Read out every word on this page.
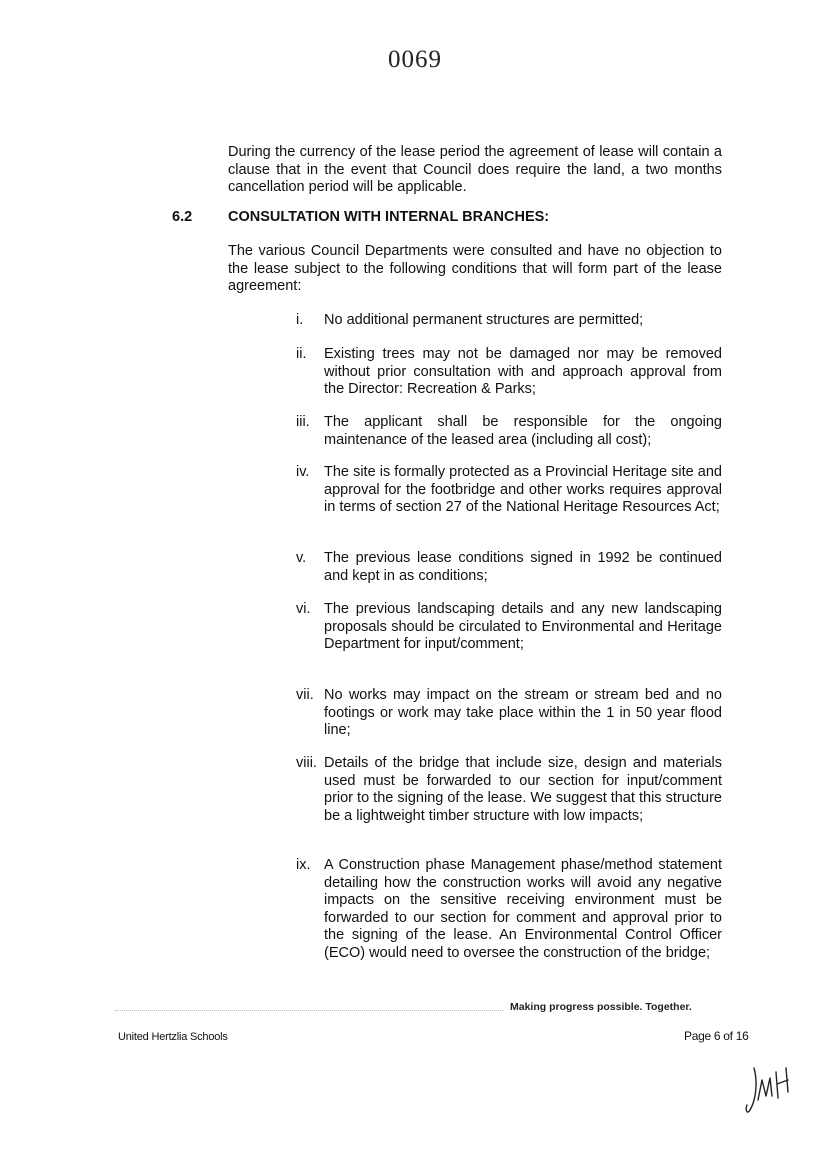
0069

During the currency of the lease period the agreement of lease will contain a clause that in the event that Council does require the land, a two months cancellation period will be applicable.

6.2 CONSULTATION WITH INTERNAL BRANCHES:

The various Council Departments were consulted and have no objection to the lease subject to the following conditions that will form part of the lease agreement:

i.	No additional permanent structures are permitted;
ii.	Existing trees may not be damaged nor may be removed without prior consultation with and approach approval from the Director: Recreation & Parks;
iii. The applicant shall be responsible for the ongoing maintenance of the leased area (including all cost);
iv.	The site is formally protected as a Provincial Heritage site and approval for the footbridge and other works requires approval in terms of section 27 of the National Heritage Resources Act;
v.	The previous lease conditions signed in 1992 be continued and kept in as conditions;
vi. The previous landscaping details and any new landscaping proposals should be circulated to Environmental and Heritage Department for input/comment;
vii. No works may impact on the stream or stream bed and no footings or work may take place within the 1 in 50 year flood line;
viii. Details of the bridge that include size, design and materials used must be forwarded to our section for input/comment prior to the signing of the lease. We suggest that this structure be a lightweight timber structure with low impacts;
ix. A Construction phase Management phase/method statement detailing how the construction works will avoid any negative impacts on the sensitive receiving environment must be forwarded to our section for comment and approval prior to the signing of the lease. An Environmental Control Officer (ECO) would need to oversee the construction of the bridge;
Making progress possible. Together.
United Hertzlia Schools	Page 6 of 16
